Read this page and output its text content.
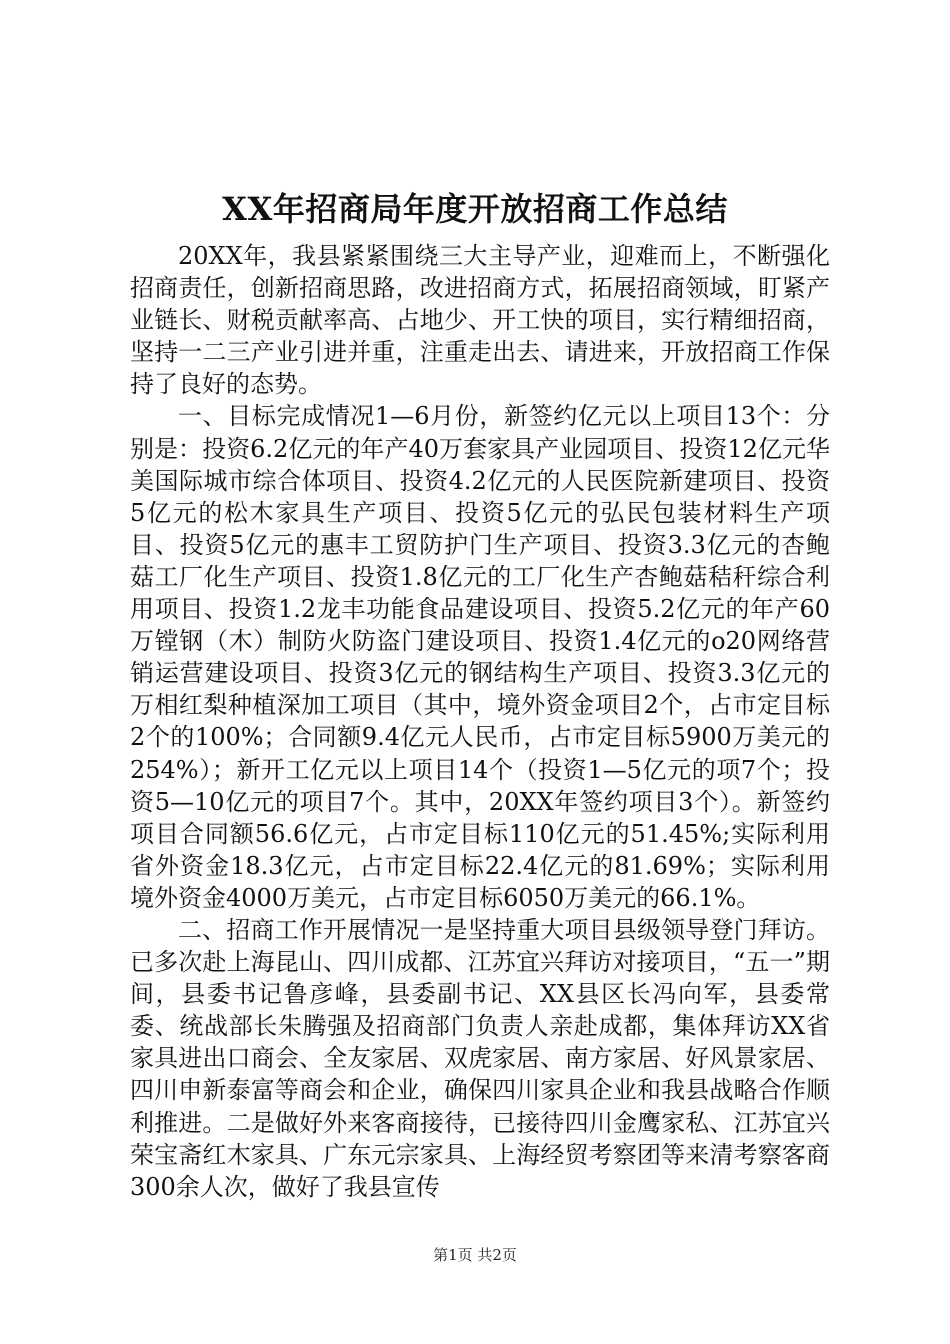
XX年招商局年度开放招商工作总结

20XX年，我县紧紧围绕三大主导产业，迎难而上，不断强化招商责任，创新招商思路，改进招商方式，拓展招商领域，盯紧产业链长、财税贡献率高、占地少、开工快的项目，实行精细招商，坚持一二三产业引进并重，注重走出去、请进来，开放招商工作保持了良好的态势。

一、目标完成情况1—6月份，新签约亿元以上项目13个：分别是：投资6.2亿元的年产40万套家具产业园项目、投资12亿元华美国际城市综合体项目、投资4.2亿元的人民医院新建项目、投资5亿元的松木家具生产项目、投资5亿元的弘民包装材料生产项目、投资5亿元的惠丰工贸防护门生产项目、投资3.3亿元的杏鲍菇工厂化生产项目、投资1.8亿元的工厂化生产杏鲍菇秸秆综合利用项目、投资1.2龙丰功能食品建设项目、投资5.2亿元的年产60万镗钢（木）制防火防盗门建设项目、投资1.4亿元的o20网络营销运营建设项目、投资3亿元的钢结构生产项目、投资3.3亿元的万相红梨种植深加工项目（其中，境外资金项目2个，占市定目标2个的100%；合同额9.4亿元人民币，占市定目标5900万美元的254%）；新开工亿元以上项目14个（投资1—5亿元的项7个；投资5—10亿元的项目7个。其中，20XX年签约项目3个）。新签约项目合同额56.6亿元，占市定目标110亿元的51.45%;实际利用省外资金18.3亿元，占市定目标22.4亿元的81.69%；实际利用境外资金4000万美元，占市定目标6050万美元的66.1%。

二、招商工作开展情况一是坚持重大项目县级领导登门拜访。已多次赴上海昆山、四川成都、江苏宜兴拜访对接项目，“五一”期间，县委书记鲁彦峰，县委副书记、XX县区长冯向军，县委常委、统战部长朱腾强及招商部门负责人亲赴成都，集体拜访XX省家具进出口商会、全友家居、双虎家居、南方家居、好风景家居、四川申新泰富等商会和企业，确保四川家具企业和我县战略合作顺利推进。二是做好外来客商接待，已接待四川金鹰家私、江苏宜兴荣宝斋红木家具、广东元宗家具、上海经贸考察团等来清考察客商300余人次，做好了我县宣传

第1页 共2页
